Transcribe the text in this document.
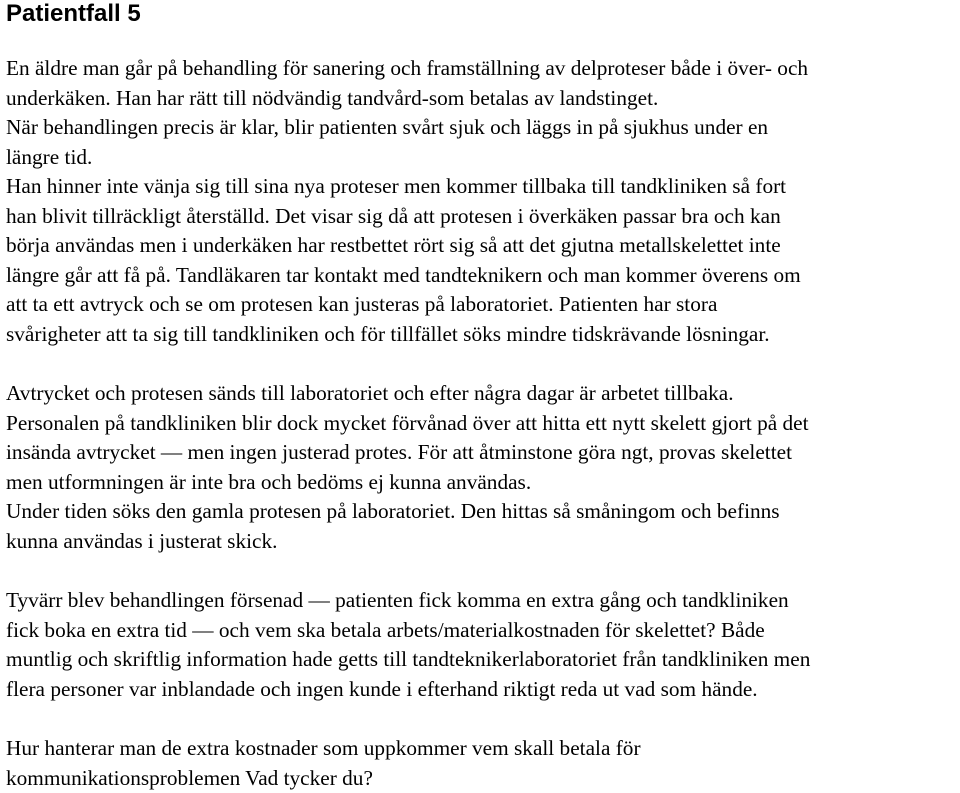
Patientfall 5

En äldre man går på behandling för sanering och framställning av delproteser både i över- och
underkäken. Han har rätt till nödvändig tandvård-som betalas av landstinget.
När behandlingen precis är klar, blir patienten svårt sjuk och läggs in på sjukhus under en
längre tid.
Han hinner inte vänja sig till sina nya proteser men kommer tillbaka till tandkliniken så fort
han blivit tillräckligt återställd. Det visar sig då att protesen i överkäken passar bra och kan
börja användas men i underkäken har restbettet rört sig så att det gjutna metallskelettet inte
längre går att få på. Tandläkaren tar kontakt med tandteknikern och man kommer överens om
att ta ett avtryck och se om protesen kan justeras på laboratoriet. Patienten har stora
svårigheter att ta sig till tandkliniken och för tillfället söks mindre tidskrävande lösningar.

Avtrycket och protesen sänds till laboratoriet och efter några dagar är arbetet tillbaka.
Personalen på tandkliniken blir dock mycket förvånad över att hitta ett nytt skelett gjort på det
insända avtrycket — men ingen justerad protes. För att åtminstone göra ngt, provas skelettet
men utformningen är inte bra och bedöms ej kunna användas.
Under tiden söks den gamla protesen på laboratoriet. Den hittas så småningom och befinns
kunna användas i justerat skick.

Tyvärr blev behandlingen försenad — patienten fick komma en extra gång och tandkliniken
fick boka en extra tid — och vem ska betala arbets/materialkostnaden för skelettet? Både
muntlig och skriftlig information hade getts till tandteknikerlaboratoriet från tandkliniken men
flera personer var inblandade och ingen kunde i efterhand riktigt reda ut vad som hände.

Hur hanterar man de extra kostnader som uppkommer vem skall betala för
kommunikationsproblemen Vad tycker du?
